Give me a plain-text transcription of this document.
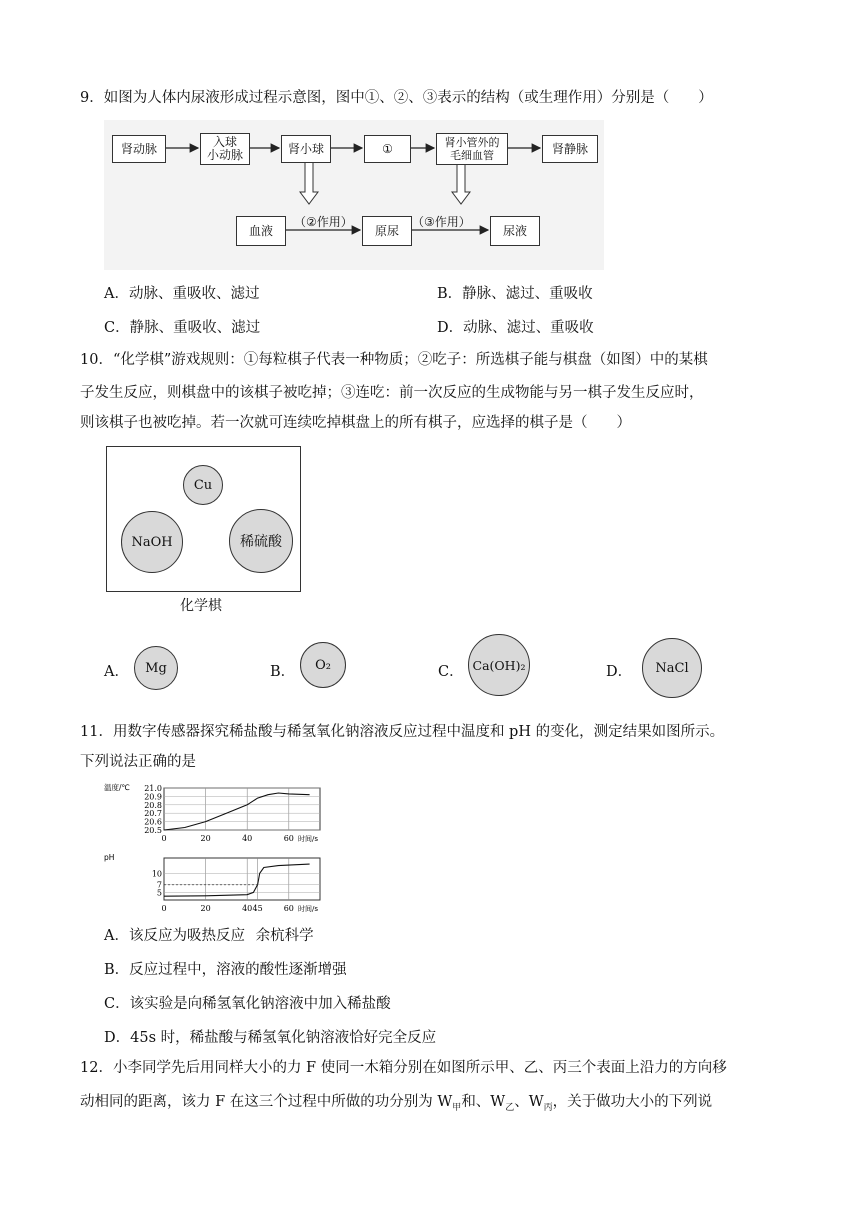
9．如图为人体内尿液形成过程示意图，图中①、②、③表示的结构（或生理作用）分别是（　　）
肾动脉	入球
小动脉	肾小球	①	肾小管外的
毛细血管	肾静脉
血液	原尿	尿液
（②作用）	（③作用）
A．动脉、重吸收、滤过	B．静脉、滤过、重吸收
C．静脉、重吸收、滤过	D．动脉、滤过、重吸收
10．“化学棋”游戏规则：①每粒棋子代表一种物质；②吃子：所选棋子能与棋盘（如图）中的某棋
子发生反应，则棋盘中的该棋子被吃掉；③连吃：前一次反应的生成物能与另一棋子发生反应时，
则该棋子也被吃掉。若一次就可连续吃掉棋盘上的所有棋子，应选择的棋子是（　　）
Cu
NaOH	稀硫酸
化学棋
A．	Mg	B．	O₂	C． Ca(OH)₂	D．	NaCl
11．用数字传感器探究稀盐酸与稀氢氧化钠溶液反应过程中温度和 pH 的变化，测定结果如图所示。
下列说法正确的是
21.0
20.9
20.8
20.7
20.6
20.5
0	20	40	60 时间/s
温度/℃
10
7
5
0	20	40 45	60 时间/s
pH
A．该反应为吸热反应 余杭科学
B．反应过程中，溶液的酸性逐渐增强
C．该实验是向稀氢氧化钠溶液中加入稀盐酸
D．45s 时，稀盐酸与稀氢氧化钠溶液恰好完全反应
12．小李同学先后用同样大小的力 F 使同一木箱分别在如图所示甲、乙、丙三个表面上沿力的方向移
动相同的距离，该力 F 在这三个过程中所做的功分别为 $W_甲$和、$W_乙$、$W_丙$，关于做功大小的下列说
